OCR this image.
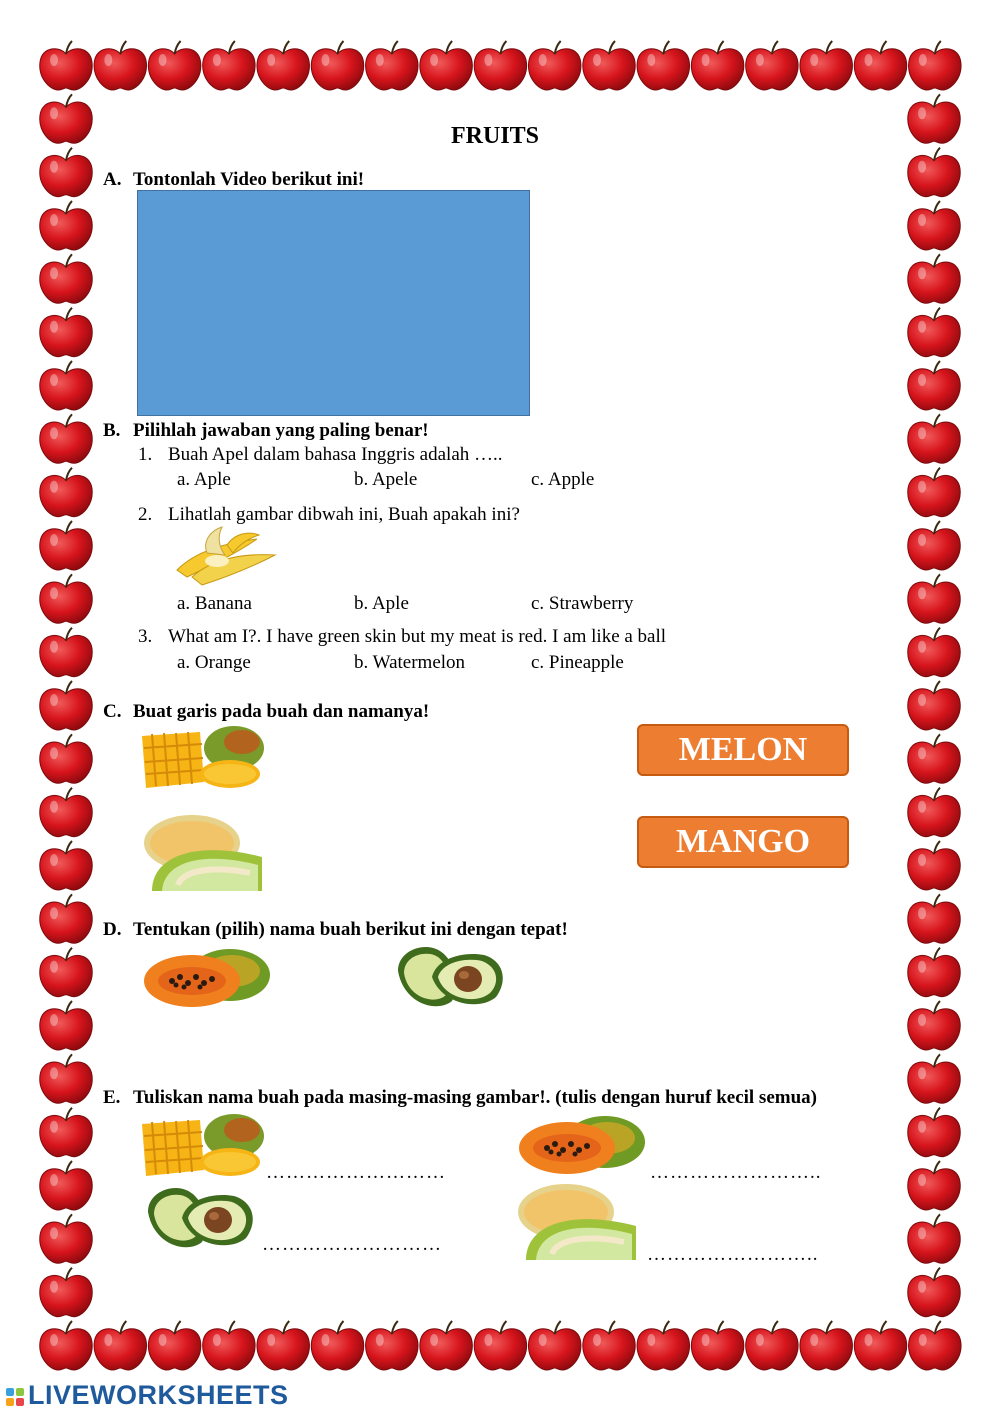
FRUITS
A. Tontonlah Video berikut ini!
B. Pilihlah jawaban yang paling benar!
1. Buah Apel dalam bahasa Inggris adalah …..
a. Aple	b. Apele	c. Apple
2. Lihatlah gambar dibwah ini, Buah apakah ini?
a. Banana	b. Aple	c. Strawberry
3. What am I?. I have green skin but my meat is red. I am like a ball
a. Orange	b. Watermelon	c. Pineapple
C. Buat garis pada buah dan namanya!
MELON
MANGO
D. Tentukan (pilih) nama buah berikut ini dengan tepat!
E. Tuliskan nama buah pada masing-masing gambar!. (tulis dengan huruf kecil semua)
………………………	……………………..
………………………	……………………..
LIVEWORKSHEETS
